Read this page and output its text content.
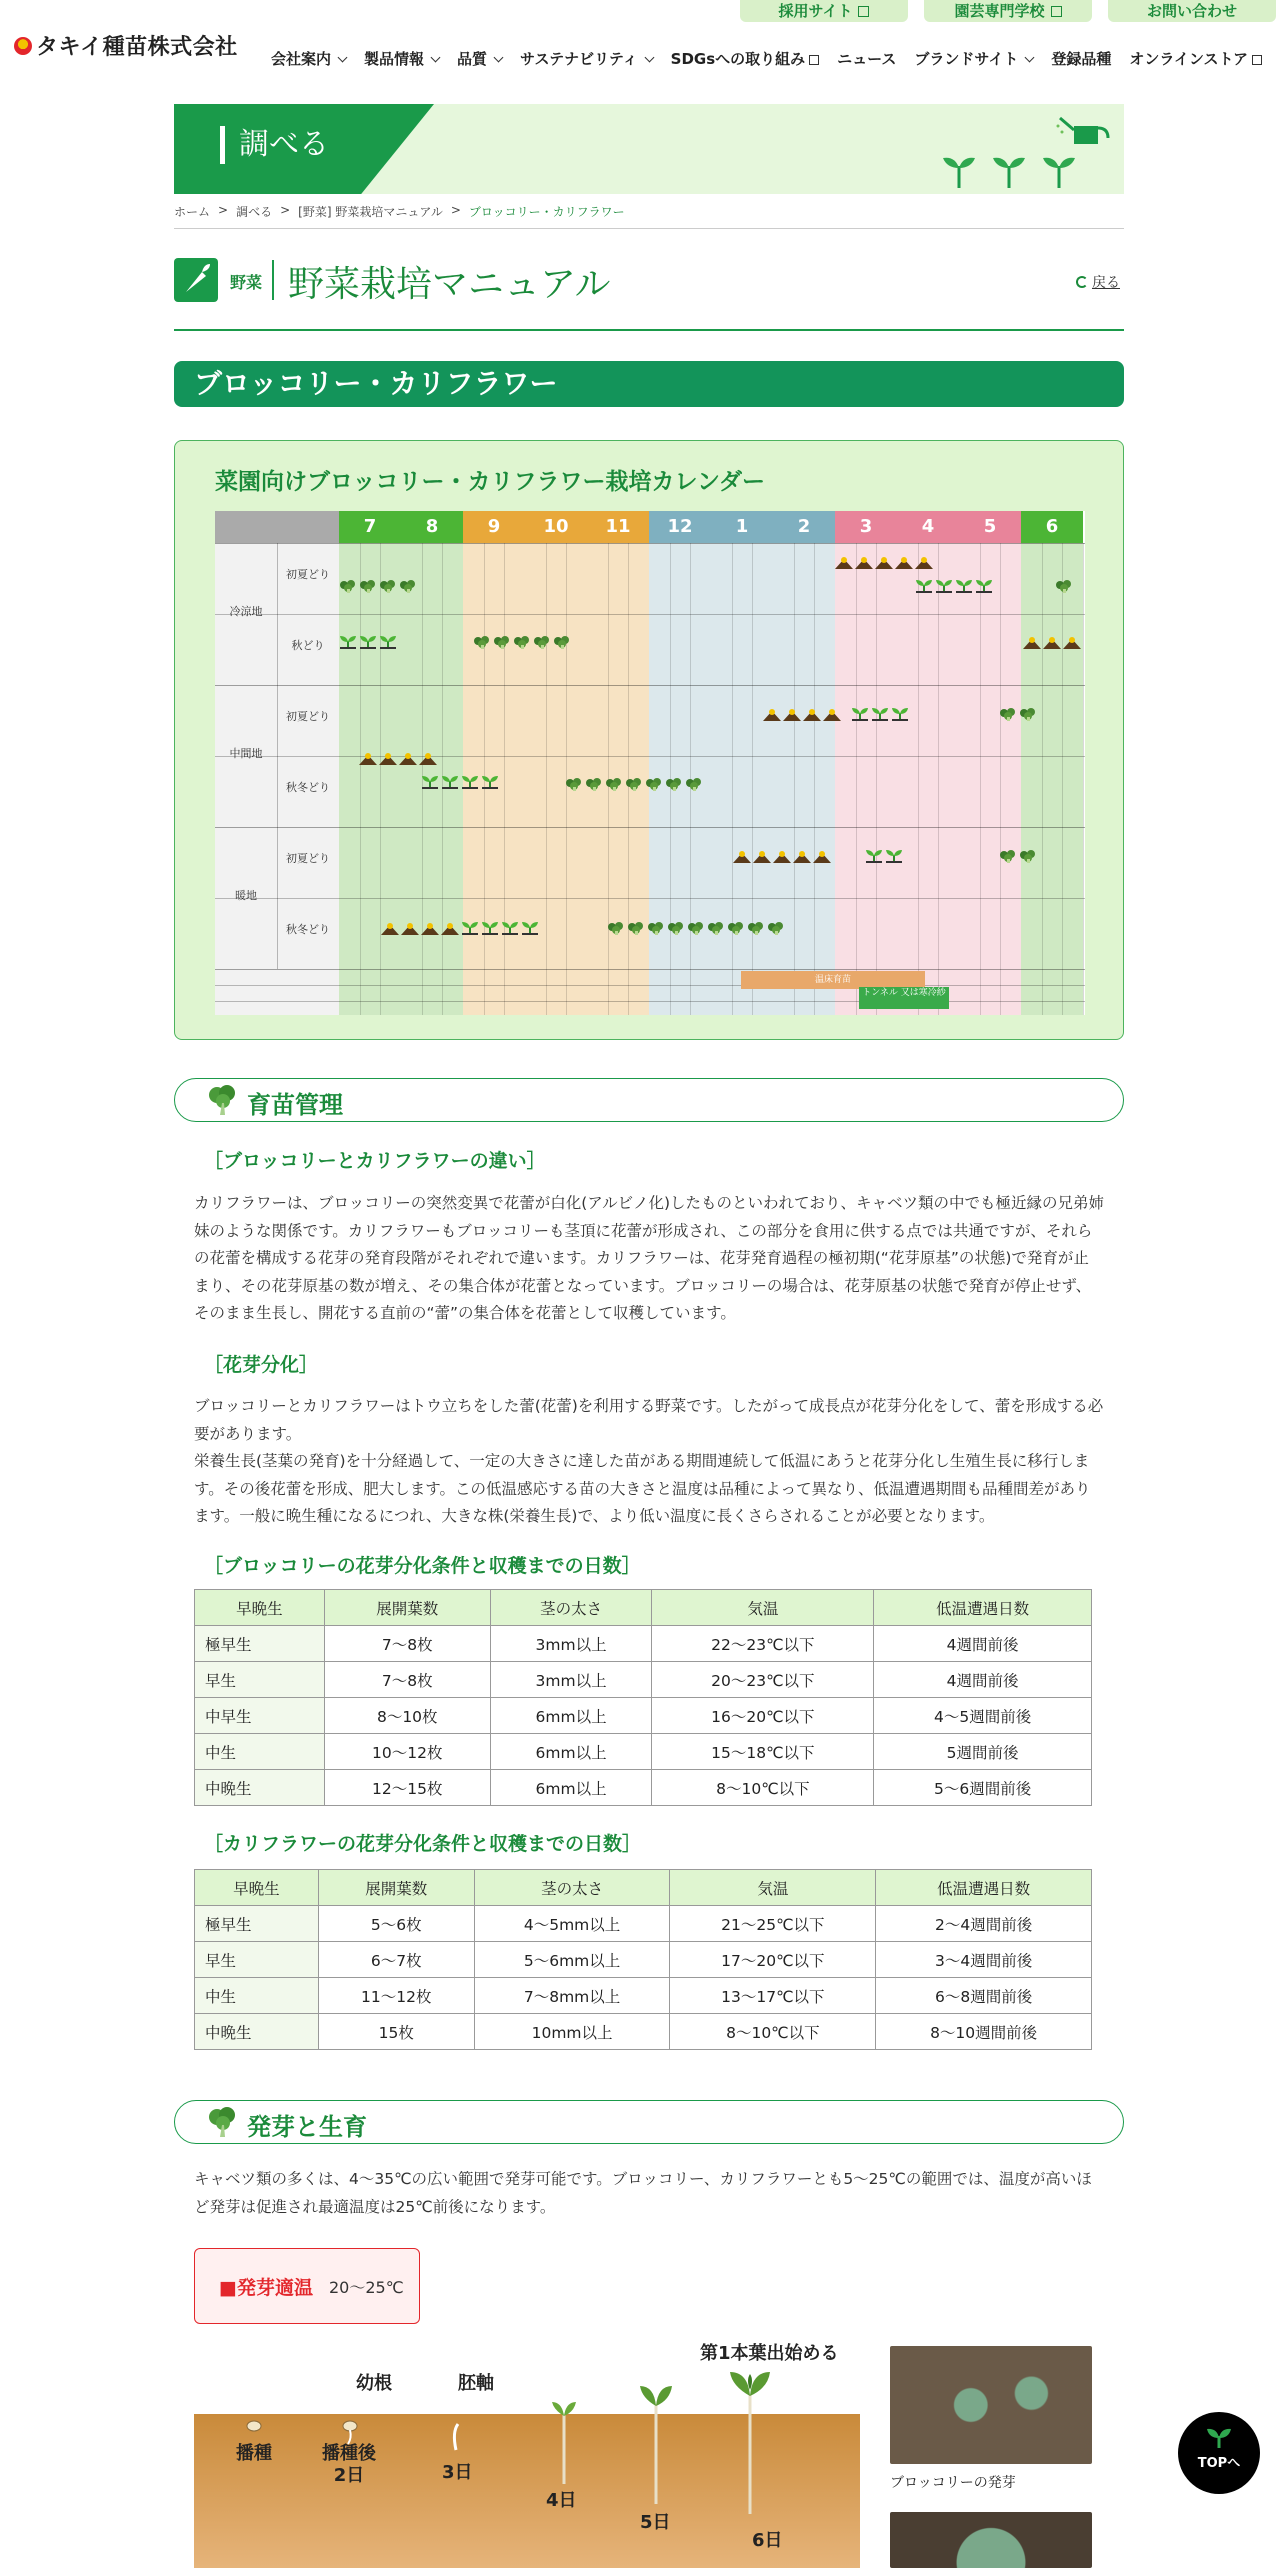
採用サイト	園芸専門学校	お問い合わせ
タキイ種苗株式会社	会社案内	製品情報	品質	サステナビリティ	SDGsへの取り組み	ニュース	ブランドサイト	登録品種	オンラインストア
調べる
ホーム > 調べる > [野菜] 野菜栽培マニュアル > ブロッコリー・カリフラワー
野菜 野菜栽培マニュアル	戻る
ブロッコリー・カリフラワー
菜園向けブロッコリー・カリフラワー栽培カレンダー
冷涼地
初夏どり
秋どり
中間地
初夏どり
秋冬どり
暖地
初夏どり
秋冬どり
7	8	9	10	11	12	1	2	3	4	5	6
温床育苗
トンネル 又は寒冷紗
育苗管理
［ブロッコリーとカリフラワーの違い］
カリフラワーは、ブロッコリーの突然変異で花蕾が白化(アルビノ化)したものといわれており、キャベツ類の中でも極近縁の兄弟姉妹のような関係です。カリフラワーもブロッコリーも茎頂に花蕾が形成され、この部分を食用に供する点では共通ですが、それらの花蕾を構成する花芽の発育段階がそれぞれで違います。カリフラワーは、花芽発育過程の極初期(“花芽原基”の状態)で発育が止まり、その花芽原基の数が増え、その集合体が花蕾となっています。ブロッコリーの場合は、花芽原基の状態で発育が停止せず、そのまま生長し、開花する直前の“蕾”の集合体を花蕾として収穫しています。
［花芽分化］
ブロッコリーとカリフラワーはトウ立ちをした蕾(花蕾)を利用する野菜です。したがって成長点が花芽分化をして、蕾を形成する必要があります。
栄養生長(茎葉の発育)を十分経過して、一定の大きさに達した苗がある期間連続して低温にあうと花芽分化し生殖生長に移行します。その後花蕾を形成、肥大します。この低温感応する苗の大きさと温度は品種によって異なり、低温遭遇期間も品種間差があります。一般に晩生種になるにつれ、大きな株(栄養生長)で、より低い温度に長くさらされることが必要となります。
［ブロッコリーの花芽分化条件と収穫までの日数］
早晩生	展開葉数	茎の太さ	気温	低温遭遇日数
極早生	7～8枚	3mm以上	22～23℃以下	4週間前後
早生	7～8枚	3mm以上	20～23℃以下	4週間前後
中早生	8～10枚	6mm以上	16～20℃以下	4～5週間前後
中生	10～12枚	6mm以上	15～18℃以下	5週間前後
中晩生	12～15枚	6mm以上	8～10℃以下	5～6週間前後
［カリフラワーの花芽分化条件と収穫までの日数］
早晩生	展開葉数	茎の太さ	気温	低温遭遇日数
極早生	5～6枚	4～5mm以上	21～25℃以下	2～4週間前後
早生	6～7枚	5～6mm以上	17～20℃以下	3～4週間前後
中生	11～12枚	7～8mm以上	13～17℃以下	6～8週間前後
中晩生	15枚	10mm以上	8～10℃以下	8～10週間前後
発芽と生育
キャベツ類の多くは、4～35℃の広い範囲で発芽可能です。ブロッコリー、カリフラワーとも5～25℃の範囲では、温度が高いほど発芽は促進され最適温度は25℃前後になります。
■発芽適温 20～25℃
幼根	胚軸
第1本葉出始める
播種	播種後
2日	3日
4日
5日
6日
ブロッコリーの発芽
TOPへ
